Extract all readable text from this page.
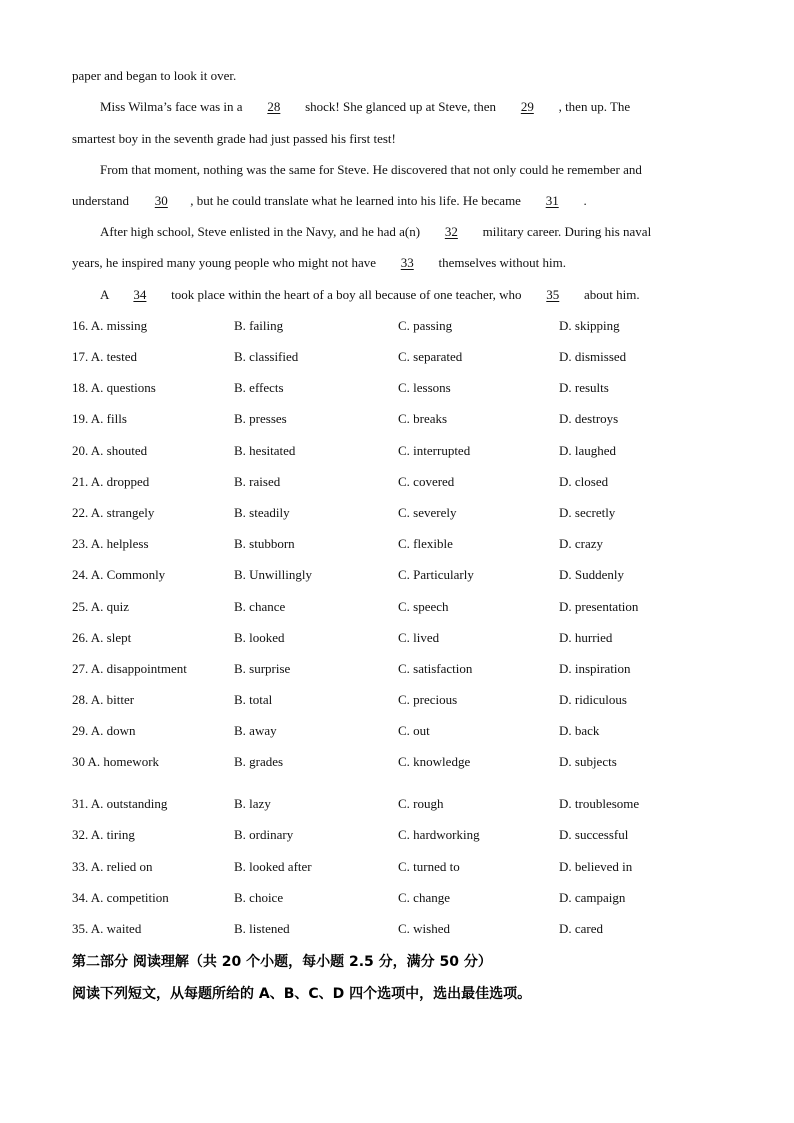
paper and began to look it over.
Miss Wilma’s face was in a 28 shock! She glanced up at Steve, then 29 , then up. The
smartest boy in the seventh grade had just passed his first test!
From that moment, nothing was the same for Steve. He discovered that not only could he remember and
understand 30 , but he could translate what he learned into his life. He became 31 .
After high school, Steve enlisted in the Navy, and he had a(n) 32 military career. During his naval
years, he inspired many young people who might not have 33 themselves without him.
A 34 took place within the heart of a boy all because of one teacher, who 35 about him.
16. A. missing	B. failing	C. passing	D. skipping
17. A. tested	B. classified	C. separated	D. dismissed
18. A. questions	B. effects	C. lessons	D. results
19. A. fills	B. presses	C. breaks	D. destroys
20. A. shouted	B. hesitated	C. interrupted	D. laughed
21. A. dropped	B. raised	C. covered	D. closed
22. A. strangely	B. steadily	C. severely	D. secretly
23. A. helpless	B. stubborn	C. flexible	D. crazy
24. A. Commonly	B. Unwillingly	C. Particularly	D. Suddenly
25. A. quiz	B. chance	C. speech	D. presentation
26. A. slept	B. looked	C. lived	D. hurried
27. A. disappointment	B. surprise	C. satisfaction	D. inspiration
28. A. bitter	B. total	C. precious	D. ridiculous
29. A. down	B. away	C. out	D. back
30 A. homework	B. grades	C. knowledge	D. subjects
31. A. outstanding	B. lazy	C. rough	D. troublesome
32. A. tiring	B. ordinary	C. hardworking	D. successful
33. A. relied on	B. looked after	C. turned to	D. believed in
34. A. competition	B. choice	C. change	D. campaign
35. A. waited	B. listened	C. wished	D. cared
第二部分 阅读理解（共 20 个小题，每小题 2.5 分，满分 50 分）
阅读下列短文，从每题所给的 A、B、C、D 四个选项中，选出最佳选项。
